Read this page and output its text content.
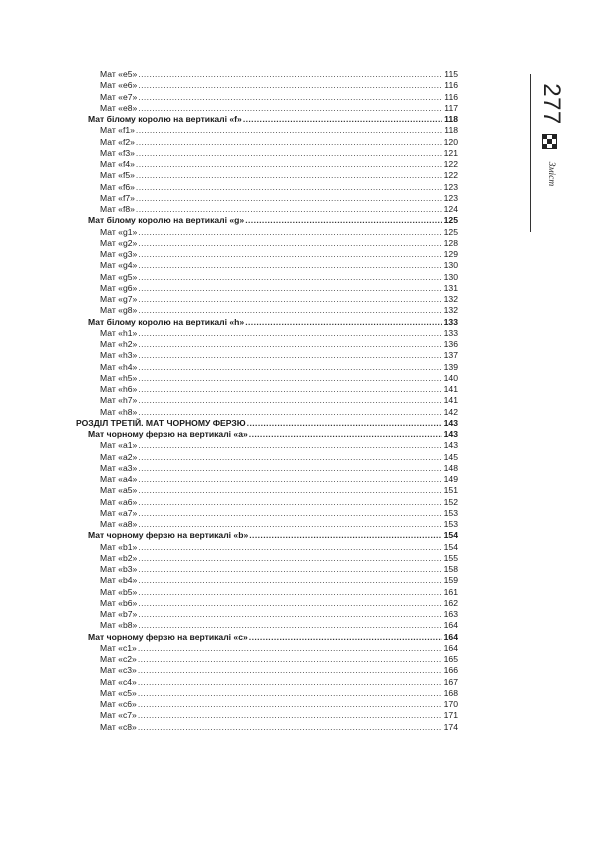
Мат «e5» .....	115
Мат «e6» .....	116
Мат «e7» .....	116
Мат «e8» .....	117
Мат білому королю на вертикалі «f» .....	118
Мат «f1» .....	118
Мат «f2» .....	120
Мат «f3» .....	121
Мат «f4» .....	122
Мат «f5» .....	122
Мат «f6» .....	123
Мат «f7» .....	123
Мат «f8» .....	124
Мат білому королю на вертикалі «g» .....	125
Мат «g1» .....	125
Мат «g2» .....	128
Мат «g3» .....	129
Мат «g4» .....	130
Мат «g5» .....	130
Мат «g6» .....	131
Мат «g7» .....	132
Мат «g8» .....	132
Мат білому королю на вертикалі «h» .....	133
Мат «h1» .....	133
Мат «h2» .....	136
Мат «h3» .....	137
Мат «h4» .....	139
Мат «h5» .....	140
Мат «h6» .....	141
Мат «h7» .....	141
Мат «h8» .....	142
РОЗДІЛ ТРЕТІЙ. МАТ ЧОРНОМУ ФЕРЗЮ .....	143
Мат чорному ферзю на вертикалі «a» .....	143
Мат «a1» .....	143
Мат «a2» .....	145
Мат «a3» .....	148
Мат «a4» .....	149
Мат «a5» .....	151
Мат «a6» .....	152
Мат «a7» .....	153
Мат «a8» .....	153
Мат чорному ферзю на вертикалі «b» .....	154
Мат «b1» .....	154
Мат «b2» .....	155
Мат «b3» .....	158
Мат «b4» .....	159
Мат «b5» .....	161
Мат «b6» .....	162
Мат «b7» .....	163
Мат «b8» .....	164
Мат чорному ферзю на вертикалі «c» .....	164
Мат «c1» .....	164
Мат «c2» .....	165
Мат «c3» .....	166
Мат «c4» .....	167
Мат «c5» .....	168
Мат «c6» .....	170
Мат «c7» .....	171
Мат «c8» .....	174
277
Зміст
